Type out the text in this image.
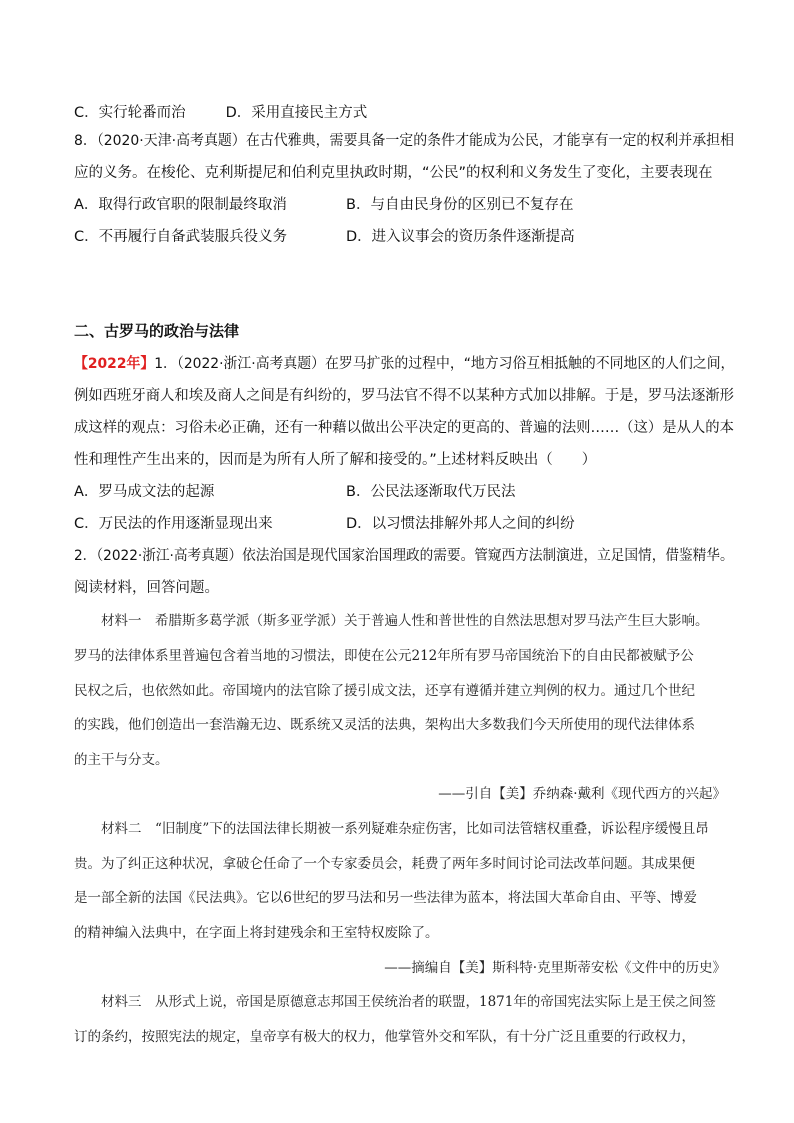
C．实行轮番而治	D．采用直接民主方式
8．（2020·天津·高考真题）在古代雅典，需要具备一定的条件才能成为公民，才能享有一定的权利并承担相
应的义务。在梭伦、克利斯提尼和伯利克里执政时期，“公民”的权利和义务发生了变化，主要表现在
A．取得行政官职的限制最终取消	B．与自由民身份的区别已不复存在
C．不再履行自备武装服兵役义务	D．进入议事会的资历条件逐渐提高
二、古罗马的政治与法律
【2022年】1．（2022·浙江·高考真题）在罗马扩张的过程中，“地方习俗互相抵触的不同地区的人们之间，
例如西班牙商人和埃及商人之间是有纠纷的，罗马法官不得不以某种方式加以排解。于是，罗马法逐渐形
成这样的观点：习俗未必正确，还有一种藉以做出公平决定的更高的、普遍的法则……（这）是从人的本
性和理性产生出来的，因而是为所有人所了解和接受的。”上述材料反映出（　　）
A．罗马成文法的起源	B．公民法逐渐取代万民法
C．万民法的作用逐渐显现出来	D．以习惯法排解外邦人之间的纠纷
2．（2022·浙江·高考真题）依法治国是现代国家治国理政的需要。管窥西方法制演进，立足国情，借鉴精华。
阅读材料，回答问题。
　　材料一　希腊斯多葛学派（斯多亚学派）关于普遍人性和普世性的自然法思想对罗马法产生巨大影响。
罗马的法律体系里普遍包含着当地的习惯法，即使在公元212年所有罗马帝国统治下的自由民都被赋予公
民权之后，也依然如此。帝国境内的法官除了援引成文法，还享有遵循并建立判例的权力。通过几个世纪
的实践，他们创造出一套浩瀚无边、既系统又灵活的法典，架构出大多数我们今天所使用的现代法律体系
的主干与分支。
——引自【美】乔纳森·戴利《现代西方的兴起》
　　材料二　“旧制度”下的法国法律长期被一系列疑难杂症伤害，比如司法管辖权重叠，诉讼程序缓慢且昂
贵。为了纠正这种状况，拿破仑任命了一个专家委员会，耗费了两年多时间讨论司法改革问题。其成果便
是一部全新的法国《民法典》。它以6世纪的罗马法和另一些法律为蓝本，将法国大革命自由、平等、博爱
的精神编入法典中，在字面上将封建残余和王室特权废除了。
——摘编自【美】斯科特·克里斯蒂安松《文件中的历史》
　　材料三　从形式上说，帝国是原德意志邦国王侯统治者的联盟，1871年的帝国宪法实际上是王侯之间签
订的条约，按照宪法的规定，皇帝享有极大的权力，他掌管外交和军队，有十分广泛且重要的行政权力，
